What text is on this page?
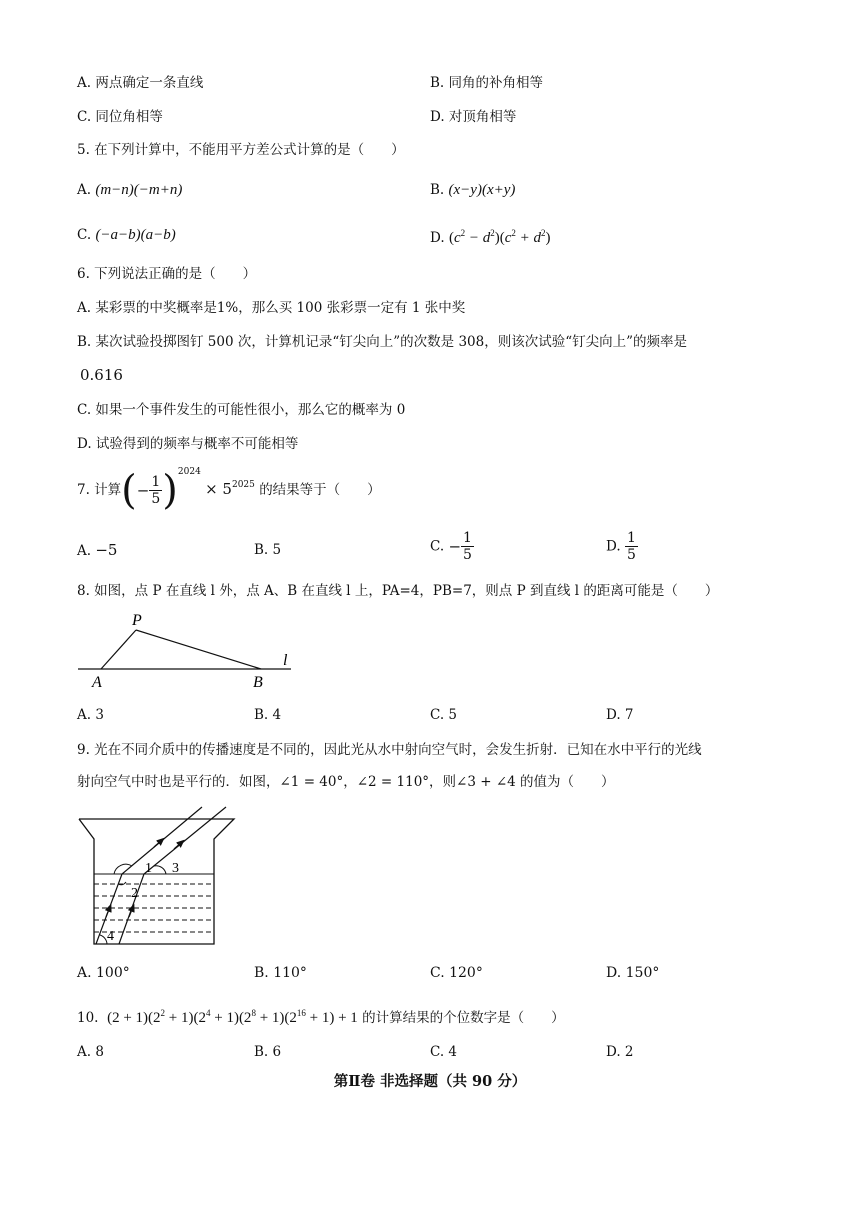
A. 两点确定一条直线	B. 同角的补角相等
C. 同位角相等	D. 对顶角相等
5. 在下列计算中，不能用平方差公式计算的是（　　）
A. (m−n)(−m+n)	B. (x−y)(x+y)
C. (−a−b)(a−b)	D. $(c^2 - d^2)(c^2 + d^2)$
6. 下列说法正确的是（　　）
A. 某彩票的中奖概率是1%，那么买 100 张彩票一定有 1 张中奖
B. 某次试验投掷图钉 500 次，计算机记录“钉尖向上”的次数是 308，则该次试验“钉尖向上”的频率是
0.616
C. 如果一个事件发生的可能性很小，那么它的概率为 0
D. 试验得到的频率与概率不可能相等
7. 计算(− $\frac{1}{5} )^{2024} \times 5^{2025}$ 的结果等于（　　）
A. −5	B. 5	C. − $\frac{1}{5}$	D. $\frac{1}{5}$
8. 如图，点 P 在直线 l 外，点 A、B 在直线 l 上，PA=4，PB=7，则点 P 到直线 l 的距离可能是（　　）
P
A	B
l
A. 3	B. 4	C. 5	D. 7
9. 光在不同介质中的传播速度是不同的，因此光从水中射向空气时，会发生折射．已知在水中平行的光线
射向空气中时也是平行的．如图，∠1 = 40°，∠2 = 110°，则∠3 + ∠4 的值为（　　）
1
2
3
4
A. 100°	B. 110°	C. 120°	D. 150°
10. $(2 + 1)(2^2 + 1)(2^4 + 1)(2^8 + 1)(2^{16} + 1) + 1$ 的计算结果的个位数字是（　　）
A. 8	B. 6	C. 4	D. 2
第Ⅱ卷 非选择题（共 90 分）
